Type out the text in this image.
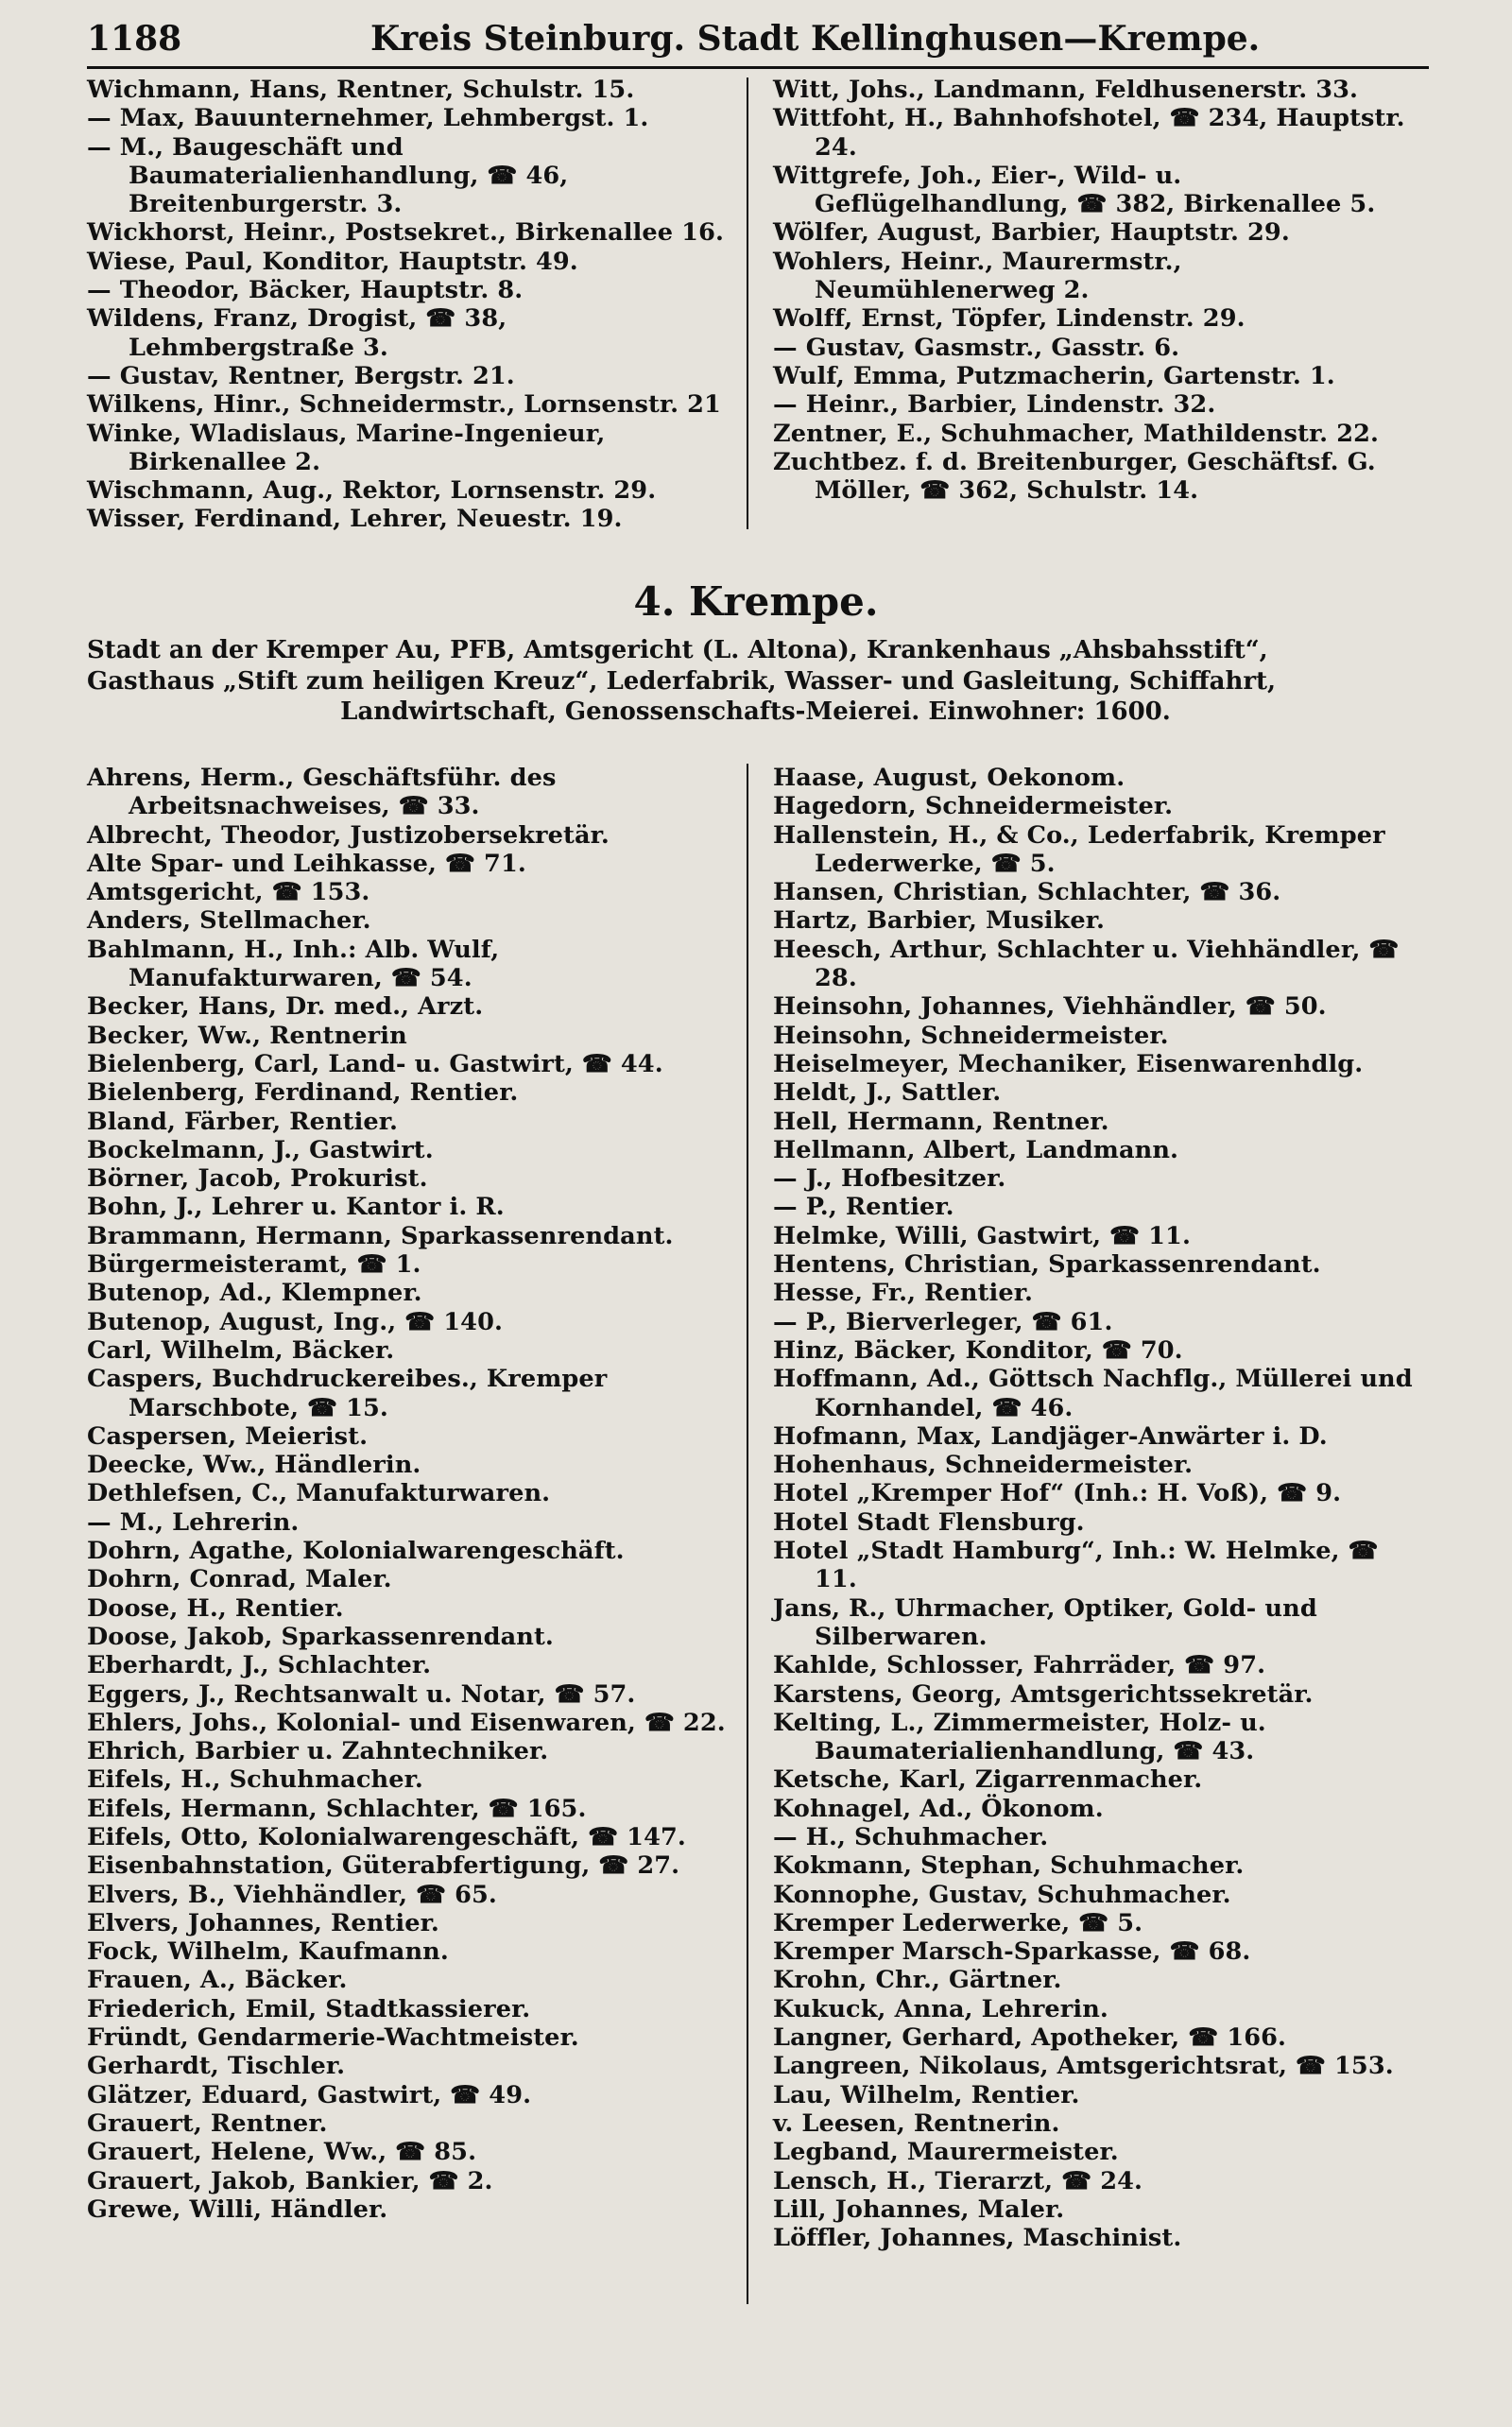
1188	Kreis Steinburg. Stadt Kellinghusen—Krempe.
Wichmann, Hans, Rentner, Schulstr. 15.
— Max, Bauunternehmer, Lehmbergst. 1.
— M., Baugeschäft und Baumaterialienhandlung, ☎ 46, Breitenburgerstr. 3.
Wickhorst, Heinr., Postsekret., Birkenallee 16.
Wiese, Paul, Konditor, Hauptstr. 49.
— Theodor, Bäcker, Hauptstr. 8.
Wildens, Franz, Drogist, ☎ 38, Lehmbergstraße 3.
— Gustav, Rentner, Bergstr. 21.
Wilkens, Hinr., Schneidermstr., Lornsenstr. 21
Winke, Wladislaus, Marine-Ingenieur, Birkenallee 2.
Wischmann, Aug., Rektor, Lornsenstr. 29.
Wisser, Ferdinand, Lehrer, Neuestr. 19.
Witt, Johs., Landmann, Feldhusenerstr. 33.
Wittfoht, H., Bahnhofshotel, ☎ 234, Hauptstr. 24.
Wittgrefe, Joh., Eier-, Wild- u. Geflügelhandlung, ☎ 382, Birkenallee 5.
Wölfer, August, Barbier, Hauptstr. 29.
Wohlers, Heinr., Maurermstr., Neumühlenerweg 2.
Wolff, Ernst, Töpfer, Lindenstr. 29.
— Gustav, Gasmstr., Gasstr. 6.
Wulf, Emma, Putzmacherin, Gartenstr. 1.
— Heinr., Barbier, Lindenstr. 32.
Zentner, E., Schuhmacher, Mathildenstr. 22.
Zuchtbez. f. d. Breitenburger, Geschäftsf. G. Möller, ☎ 362, Schulstr. 14.
4. Krempe.
Stadt an der Kremper Au, PFB, Amtsgericht (L. Altona), Krankenhaus „Ahsbahsstift“,
Gasthaus „Stift zum heiligen Kreuz“, Lederfabrik, Wasser- und Gasleitung, Schiffahrt,
Landwirtschaft, Genossenschafts-Meierei. Einwohner: 1600.
Ahrens, Herm., Geschäftsführ. des Arbeitsnachweises, ☎ 33.
Albrecht, Theodor, Justizobersekretär.
Alte Spar- und Leihkasse, ☎ 71.
Amtsgericht, ☎ 153.
Anders, Stellmacher.
Bahlmann, H., Inh.: Alb. Wulf, Manufakturwaren, ☎ 54.
Becker, Hans, Dr. med., Arzt.
Becker, Ww., Rentnerin
Bielenberg, Carl, Land- u. Gastwirt, ☎ 44.
Bielenberg, Ferdinand, Rentier.
Bland, Färber, Rentier.
Bockelmann, J., Gastwirt.
Börner, Jacob, Prokurist.
Bohn, J., Lehrer u. Kantor i. R.
Brammann, Hermann, Sparkassenrendant.
Bürgermeisteramt, ☎ 1.
Butenop, Ad., Klempner.
Butenop, August, Ing., ☎ 140.
Carl, Wilhelm, Bäcker.
Caspers, Buchdruckereibes., Kremper Marschbote, ☎ 15.
Caspersen, Meierist.
Deecke, Ww., Händlerin.
Dethlefsen, C., Manufakturwaren.
— M., Lehrerin.
Dohrn, Agathe, Kolonialwarengeschäft.
Dohrn, Conrad, Maler.
Doose, H., Rentier.
Doose, Jakob, Sparkassenrendant.
Eberhardt, J., Schlachter.
Eggers, J., Rechtsanwalt u. Notar, ☎ 57.
Ehlers, Johs., Kolonial- und Eisenwaren, ☎ 22.
Ehrich, Barbier u. Zahntechniker.
Eifels, H., Schuhmacher.
Eifels, Hermann, Schlachter, ☎ 165.
Eifels, Otto, Kolonialwarengeschäft, ☎ 147.
Eisenbahnstation, Güterabfertigung, ☎ 27.
Elvers, B., Viehhändler, ☎ 65.
Elvers, Johannes, Rentier.
Fock, Wilhelm, Kaufmann.
Frauen, A., Bäcker.
Friederich, Emil, Stadtkassierer.
Fründt, Gendarmerie-Wachtmeister.
Gerhardt, Tischler.
Glätzer, Eduard, Gastwirt, ☎ 49.
Grauert, Rentner.
Grauert, Helene, Ww., ☎ 85.
Grauert, Jakob, Bankier, ☎ 2.
Grewe, Willi, Händler.
Haase, August, Oekonom.
Hagedorn, Schneidermeister.
Hallenstein, H., & Co., Lederfabrik, Kremper Lederwerke, ☎ 5.
Hansen, Christian, Schlachter, ☎ 36.
Hartz, Barbier, Musiker.
Heesch, Arthur, Schlachter u. Viehhändler, ☎ 28.
Heinsohn, Johannes, Viehhändler, ☎ 50.
Heinsohn, Schneidermeister.
Heiselmeyer, Mechaniker, Eisenwarenhdlg.
Heldt, J., Sattler.
Hell, Hermann, Rentner.
Hellmann, Albert, Landmann.
— J., Hofbesitzer.
— P., Rentier.
Helmke, Willi, Gastwirt, ☎ 11.
Hentens, Christian, Sparkassenrendant.
Hesse, Fr., Rentier.
— P., Bierverleger, ☎ 61.
Hinz, Bäcker, Konditor, ☎ 70.
Hoffmann, Ad., Göttsch Nachflg., Müllerei und Kornhandel, ☎ 46.
Hofmann, Max, Landjäger-Anwärter i. D.
Hohenhaus, Schneidermeister.
Hotel „Kremper Hof“ (Inh.: H. Voß), ☎ 9.
Hotel Stadt Flensburg.
Hotel „Stadt Hamburg“, Inh.: W. Helmke, ☎ 11.
Jans, R., Uhrmacher, Optiker, Gold- und Silberwaren.
Kahlde, Schlosser, Fahrräder, ☎ 97.
Karstens, Georg, Amtsgerichtssekretär.
Kelting, L., Zimmermeister, Holz- u. Baumaterialienhandlung, ☎ 43.
Ketsche, Karl, Zigarrenmacher.
Kohnagel, Ad., Ökonom.
— H., Schuhmacher.
Kokmann, Stephan, Schuhmacher.
Konnophe, Gustav, Schuhmacher.
Kremper Lederwerke, ☎ 5.
Kremper Marsch-Sparkasse, ☎ 68.
Krohn, Chr., Gärtner.
Kukuck, Anna, Lehrerin.
Langner, Gerhard, Apotheker, ☎ 166.
Langreen, Nikolaus, Amtsgerichtsrat, ☎ 153.
Lau, Wilhelm, Rentier.
v. Leesen, Rentnerin.
Legband, Maurermeister.
Lensch, H., Tierarzt, ☎ 24.
Lill, Johannes, Maler.
Löffler, Johannes, Maschinist.
